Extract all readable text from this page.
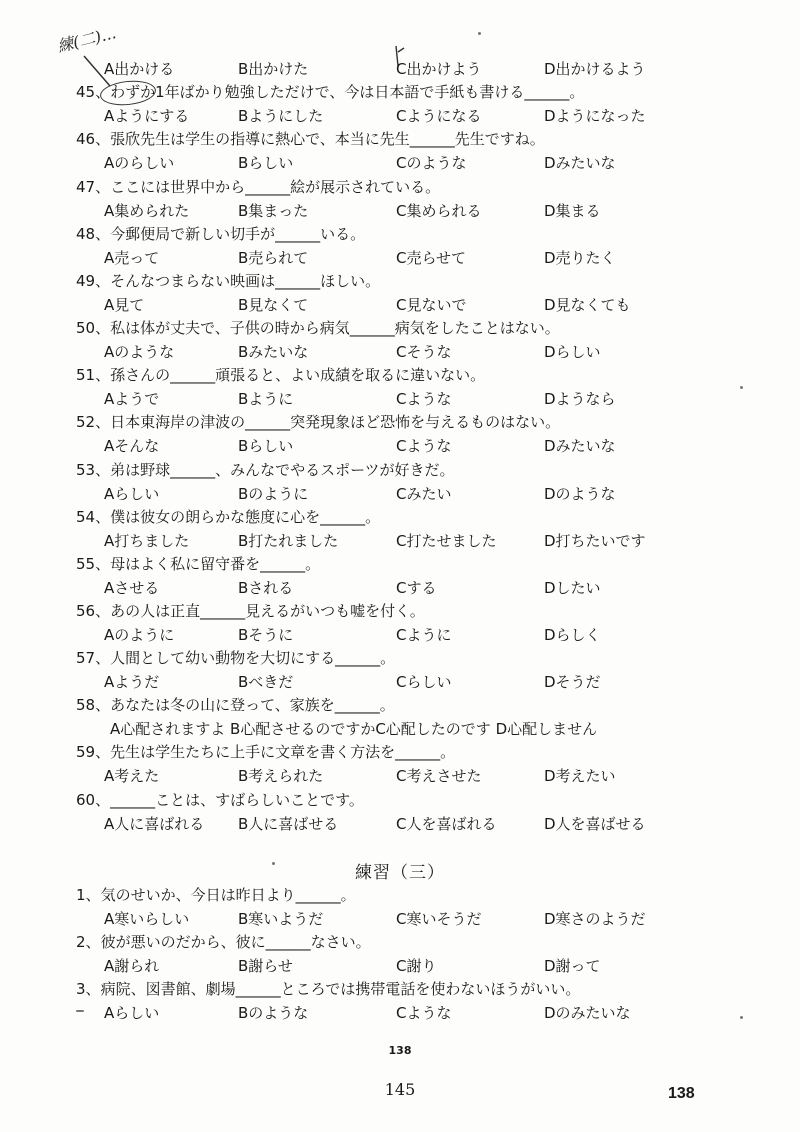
練(二)...
A出かける	B出かけた	C出かけよう	D出かけるよう
45、わずか1年ばかり勉強しただけで、今は日本語で手紙も書ける______。
Aようにする	Bようにした	Cようになる	Dようになった
46、張欣先生は学生の指導に熱心で、本当に先生______先生ですね。
Aのらしい	Bらしい	Cのような	Dみたいな
47、ここには世界中から______絵が展示されている。
A集められた	B集まった	C集められる	D集まる
48、今郵便局で新しい切手が______いる。
A売って	B売られて	C売らせて	D売りたく
49、そんなつまらない映画は______ほしい。
A見て	B見なくて	C見ないで	D見なくても
50、私は体が丈夫で、子供の時から病気______病気をしたことはない。
Aのような	Bみたいな	Cそうな	Dらしい
51、孫さんの______頑張ると、よい成績を取るに違いない。
Aようで	Bように	Cような	Dようなら
52、日本東海岸の津波の______突発現象ほど恐怖を与えるものはない。
Aそんな	Bらしい	Cような	Dみたいな
53、弟は野球______、みんなでやるスポーツが好きだ。
Aらしい	Bのように	Cみたい	Dのような
54、僕は彼女の朗らかな態度に心を______。
A打ちました	B打たれました	C打たせました	D打ちたいです
55、母はよく私に留守番を______。
Aさせる	Bされる	Cする	Dしたい
56、あの人は正直______見えるがいつも嘘を付く。
Aのように	Bそうに	Cように	Dらしく
57、人間として幼い動物を大切にする______。
Aようだ	Bべきだ	Cらしい	Dそうだ
58、あなたは冬の山に登って、家族を______。
A心配されますよ B心配させるのですかC心配したのです D心配しません
59、先生は学生たちに上手に文章を書く方法を______。
A考えた	B考えられた	C考えさせた	D考えたい
60、______ことは、すばらしいことです。
A人に喜ばれる B人に喜ばせる	C人を喜ばれる	D人を喜ばせる
練習（三）
1、気のせいか、今日は昨日より______。
A寒いらしい	B寒いようだ	C寒いそうだ	D寒さのようだ
2、彼が悪いのだから、彼に______なさい。
A謝られ	B謝らせ	C謝り	D謝って
3、病院、図書館、劇場______ところでは携帯電話を使わないほうがいい。
Aらしい	Bのような	Cような	Dのみたいな
138
145	138
